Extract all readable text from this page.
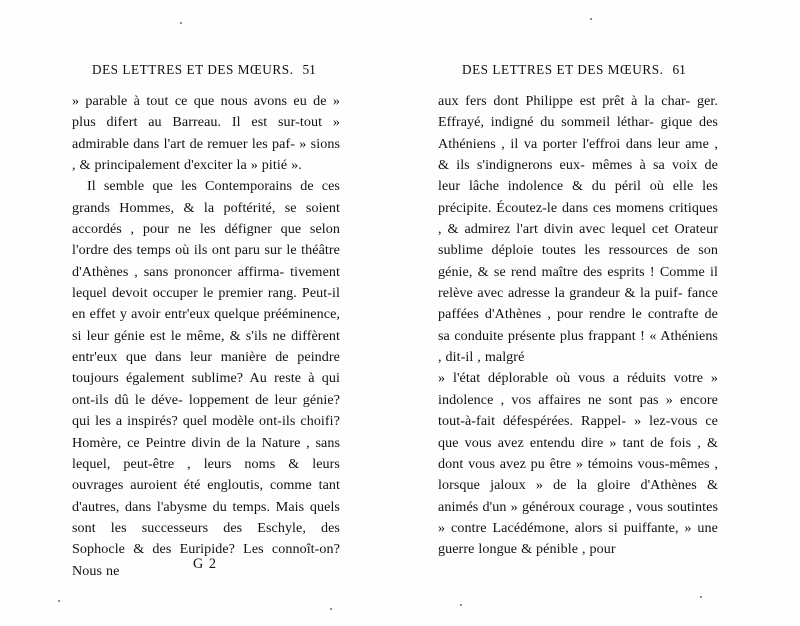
DES LETTRES ET DES MŒURS. 51

» parable à tout ce que nous avons eu de » plus difert au Barreau. Il est sur-tout » admirable dans l'art de remuer les paf- » sions , & principalement d'exciter la » pitié ».

Il semble que les Contemporains de ces grands Hommes, & la poftérité, se soient accordés , pour ne les défigner que selon l'ordre des temps où ils ont paru sur le théâtre d'Athènes , sans prononcer affirma- tivement lequel devoit occuper le premier rang. Peut-il en effet y avoir entr'eux quelque prééminence, si leur génie est le même, & s'ils ne diffèrent entr'eux que dans leur manière de peindre toujours également sublime? Au reste à qui ont-ils dû le déve- loppement de leur génie? qui les a inspirés? quel modèle ont-ils choifi? Homère, ce Peintre divin de la Nature , sans lequel, peut-être , leurs noms & leurs ouvrages auroient été engloutis, comme tant d'autres, dans l'abysme du temps. Mais quels sont les successeurs des Eschyle, des Sophocle & des Euripide? Les connoît-on? Nous ne	G 2
DES LETTRES ET DES MŒURS. 61

aux fers dont Philippe est prêt à la char- ger. Effrayé, indigné du sommeil léthar- gique des Athéniens , il va porter l'effroi dans leur ame , & ils s'indignerons eux- mêmes à sa voix de leur lâche indolence & du péril où elle les précipite. Écoutez-le dans ces momens critiques , & admirez l'art divin avec lequel cet Orateur sublime déploie toutes les ressources de son génie, & se rend maître des esprits ! Comme il relève avec adresse la grandeur & la puif- fance paffées d'Athènes , pour rendre le contrafte de sa conduite présente plus frappant ! « Athéniens , dit-il , malgré

» l'état déplorable où vous a réduits votre » indolence , vos affaires ne sont pas » encore tout-à-fait défespérées. Rappel- » lez-vous ce que vous avez entendu dire » tant de fois , & dont vous avez pu être » témoins vous-mêmes , lorsque jaloux » de la gloire d'Athènes & animés d'un » généroux courage , vous soutintes » contre Lacédémone, alors si puiffante, » une guerre longue & pénible , pour
